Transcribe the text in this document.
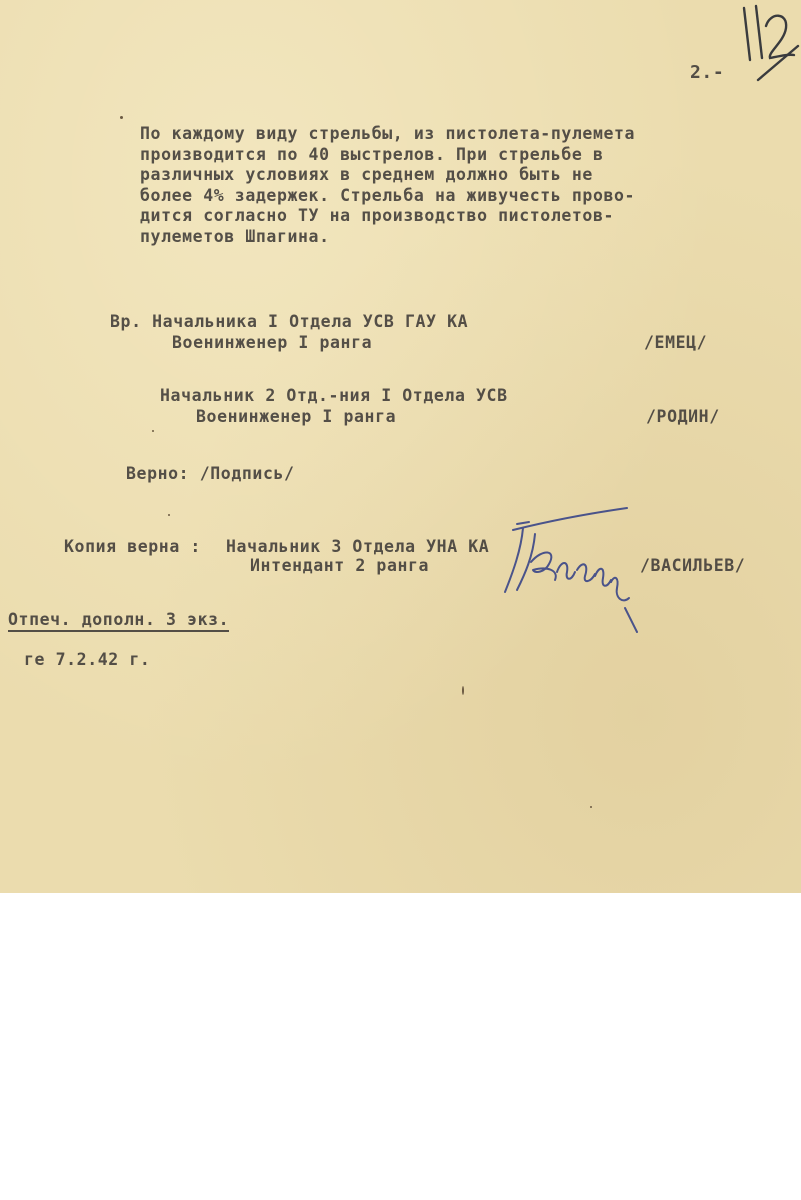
2.-
По каждому виду стрельбы, из пистолета-пулемета
производится по 40 выстрелов. При стрельбе в
различных условиях в среднем должно быть не
более 4% задержек. Стрельба на живучесть прово-
дится согласно ТУ на производство пистолетов-
пулеметов Шпагина.
Вр. Начальника I Отдела УСВ ГАУ КА
Военинженер I ранга	/ЕМЕЦ/
Начальник 2 Отд.-ния I Отдела УСВ
Военинженер I ранга	/РОДИН/
Верно: /Подпись/
Копия верна : Начальник 3 Отдела УНА КА
Интендант 2 ранга	/ВАСИЛЬЕВ/
Отпеч. дополн. 3 экз.
ге 7.2.42 г.
